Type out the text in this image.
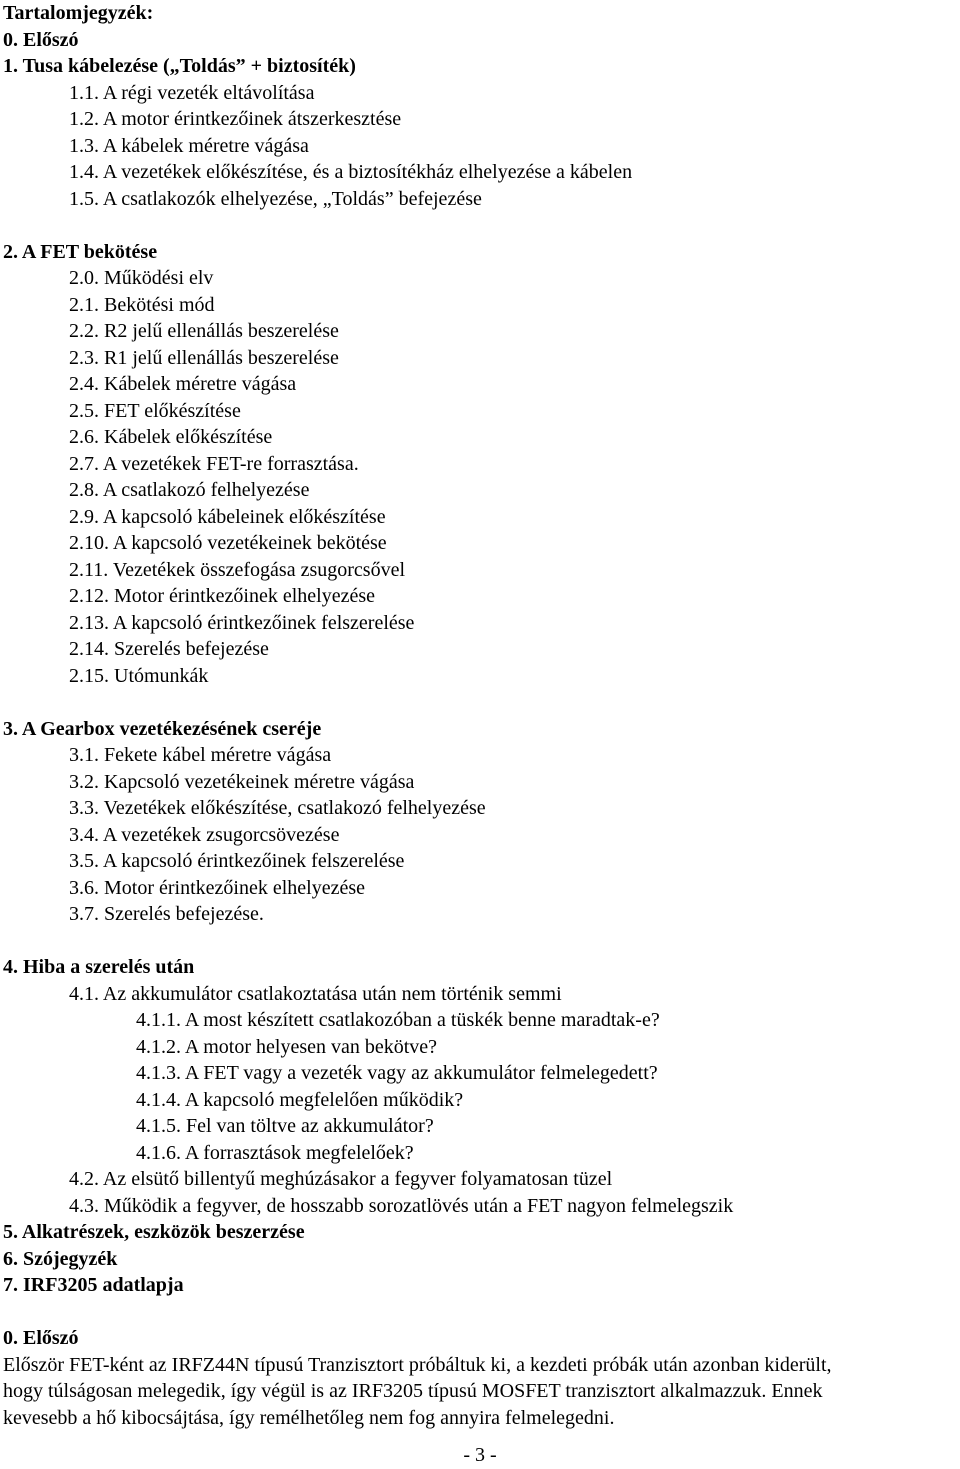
Tartalomjegyzék:
0. Előszó
1. Tusa kábelezése („Toldás” + biztosíték)
1.1. A régi vezeték eltávolítása
1.2. A motor érintkezőinek átszerkesztése
1.3. A kábelek méretre vágása
1.4. A vezetékek előkészítése, és a biztosítékház elhelyezése a kábelen
1.5. A csatlakozók elhelyezése, „Toldás” befejezése
2. A FET bekötése
2.0. Működési elv
2.1. Bekötési mód
2.2. R2 jelű ellenállás beszerelése
2.3. R1 jelű ellenállás beszerelése
2.4. Kábelek méretre vágása
2.5. FET előkészítése
2.6. Kábelek előkészítése
2.7. A vezetékek FET-re forrasztása.
2.8. A csatlakozó felhelyezése
2.9. A kapcsoló kábeleinek előkészítése
2.10. A kapcsoló vezetékeinek bekötése
2.11. Vezetékek összefogása zsugorcsővel
2.12. Motor érintkezőinek elhelyezése
2.13. A kapcsoló érintkezőinek felszerelése
2.14. Szerelés befejezése
2.15. Utómunkák
3. A Gearbox vezetékezésének cseréje
3.1. Fekete kábel méretre vágása
3.2. Kapcsoló vezetékeinek méretre vágása
3.3. Vezetékek előkészítése, csatlakozó felhelyezése
3.4. A vezetékek zsugorcsövezése
3.5. A kapcsoló érintkezőinek felszerelése
3.6. Motor érintkezőinek elhelyezése
3.7. Szerelés befejezése.
4. Hiba a szerelés után
4.1. Az akkumulátor csatlakoztatása után nem történik semmi
4.1.1. A most készített csatlakozóban a tüskék benne maradtak-e?
4.1.2. A motor helyesen van bekötve?
4.1.3. A FET vagy a vezeték vagy az akkumulátor felmelegedett?
4.1.4. A kapcsoló megfelelően működik?
4.1.5. Fel van töltve az akkumulátor?
4.1.6. A forrasztások megfelelőek?
4.2. Az elsütő billentyű meghúzásakor a fegyver folyamatosan tüzel
4.3. Működik a fegyver, de hosszabb sorozatlövés után a FET nagyon felmelegszik
5. Alkatrészek, eszközök beszerzése
6. Szójegyzék
7. IRF3205 adatlapja
0. Előszó
Először FET-ként az IRFZ44N típusú Tranzisztort próbáltuk ki, a kezdeti próbák után azonban kiderült,
hogy túlságosan melegedik, így végül is az IRF3205 típusú MOSFET tranzisztort alkalmazzuk. Ennek
kevesebb a hő kibocsájtása, így remélhetőleg nem fog annyira felmelegedni.
- 3 -
